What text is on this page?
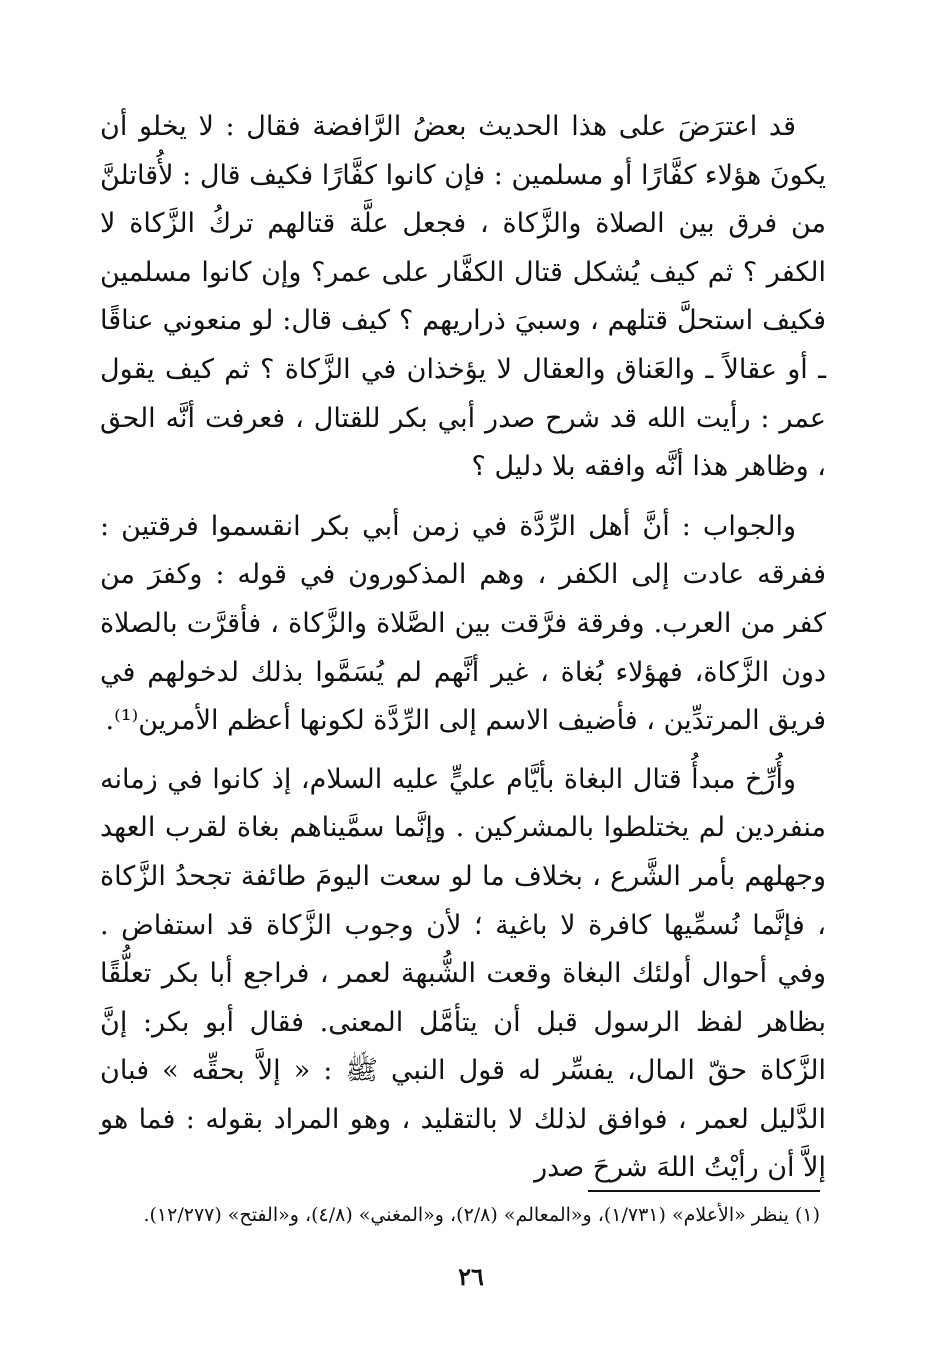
قد اعترَضَ على هذا الحديث بعضُ الرَّافضة فقال : لا يخلو أن يكونَ هؤلاء كفَّارًا أو مسلمين : فإن كانوا كفَّارًا فكيف قال : لأُقاتلنَّ من فرق بين الصلاة والزَّكاة ، فجعل علَّة قتالهم تركُ الزَّكاة لا الكفر ؟ ثم كيف يُشكل قتال الكفَّار على عمر؟ وإن كانوا مسلمين فكيف استحلَّ قتلهم ، وسبيَ ذراريهم ؟ كيف قال: لو منعوني عناقًا ـ أو عقالاً ـ والعَناق والعقال لا يؤخذان في الزَّكاة ؟ ثم كيف يقول عمر : رأيت الله قد شرح صدر أبي بكر للقتال ، فعرفت أنَّه الحق ، وظاهر هذا أنَّه وافقه بلا دليل ؟

والجواب : أنَّ أهل الرِّدَّة في زمن أبي بكر انقسموا فرقتين : ففرقه عادت إلى الكفر ، وهم المذكورون في قوله : وكفرَ من كفر من العرب. وفرقة فرَّقت بين الصَّلاة والزَّكاة ، فأقرَّت بالصلاة دون الزَّكاة، فهؤلاء بُغاة ، غير أنَّهم لم يُسَمَّوا بذلك لدخولهم في فريق المرتدِّين ، فأضيف الاسم إلى الرِّدَّة لكونها أعظم الأمرين⁽¹⁾.

وأُرِّخ مبدأُ قتال البغاة بأيَّام عليٍّ عليه السلام، إذ كانوا في زمانه منفردين لم يختلطوا بالمشركين . وإنَّما سمَّيناهم بغاة لقرب العهد وجهلهم بأمر الشَّرع ، بخلاف ما لو سعت اليومَ طائفة تجحدُ الزَّكاة ، فإنَّما نُسمِّيها كافرة لا باغية ؛ لأن وجوب الزَّكاة قد استفاض . وفي أحوال أولئك البغاة وقعت الشُّبهة لعمر ، فراجع أبا بكر تعلُّقًا بظاهر لفظ الرسول قبل أن يتأمَّل المعنى. فقال أبو بكر: إنَّ الزَّكاة حقّ المال، يفسِّر له قول النبي ﷺ : « إلاَّ بحقِّه » فبان الدَّليل لعمر ، فوافق لذلك لا بالتقليد ، وهو المراد بقوله : فما هو إلاَّ أن رأيْتُ اللهَ شرحَ صدر

(١) ينظر «الأعلام» (١/٧٣١)، و«المعالم» (٢/٨)، و«المغني» (٤/٨)، و«الفتح» (١٢/٢٧٧).
٢٦
